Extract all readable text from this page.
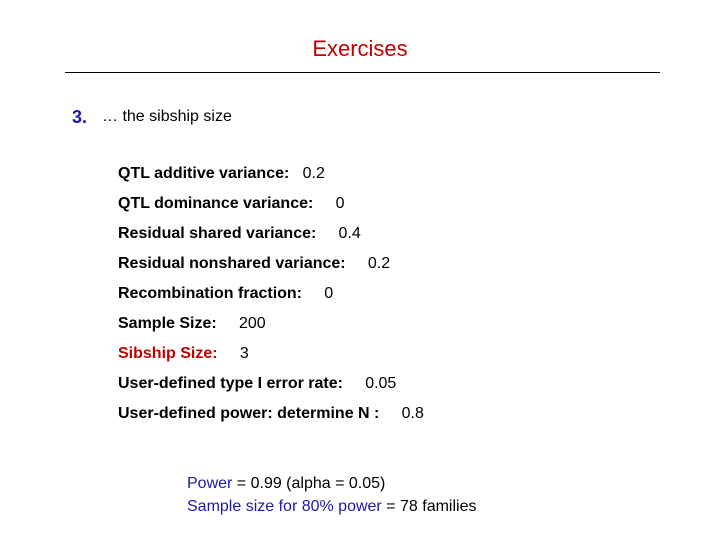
Exercises
3. … the sibship size
QTL additive variance: 0.2
QTL dominance variance: 0
Residual shared variance: 0.4
Residual nonshared variance: 0.2
Recombination fraction: 0
Sample Size: 200
Sibship Size: 3
User-defined type I error rate: 0.05
User-defined power: determine N : 0.8
Power = 0.99 (alpha = 0.05)
Sample size for 80% power = 78 families
